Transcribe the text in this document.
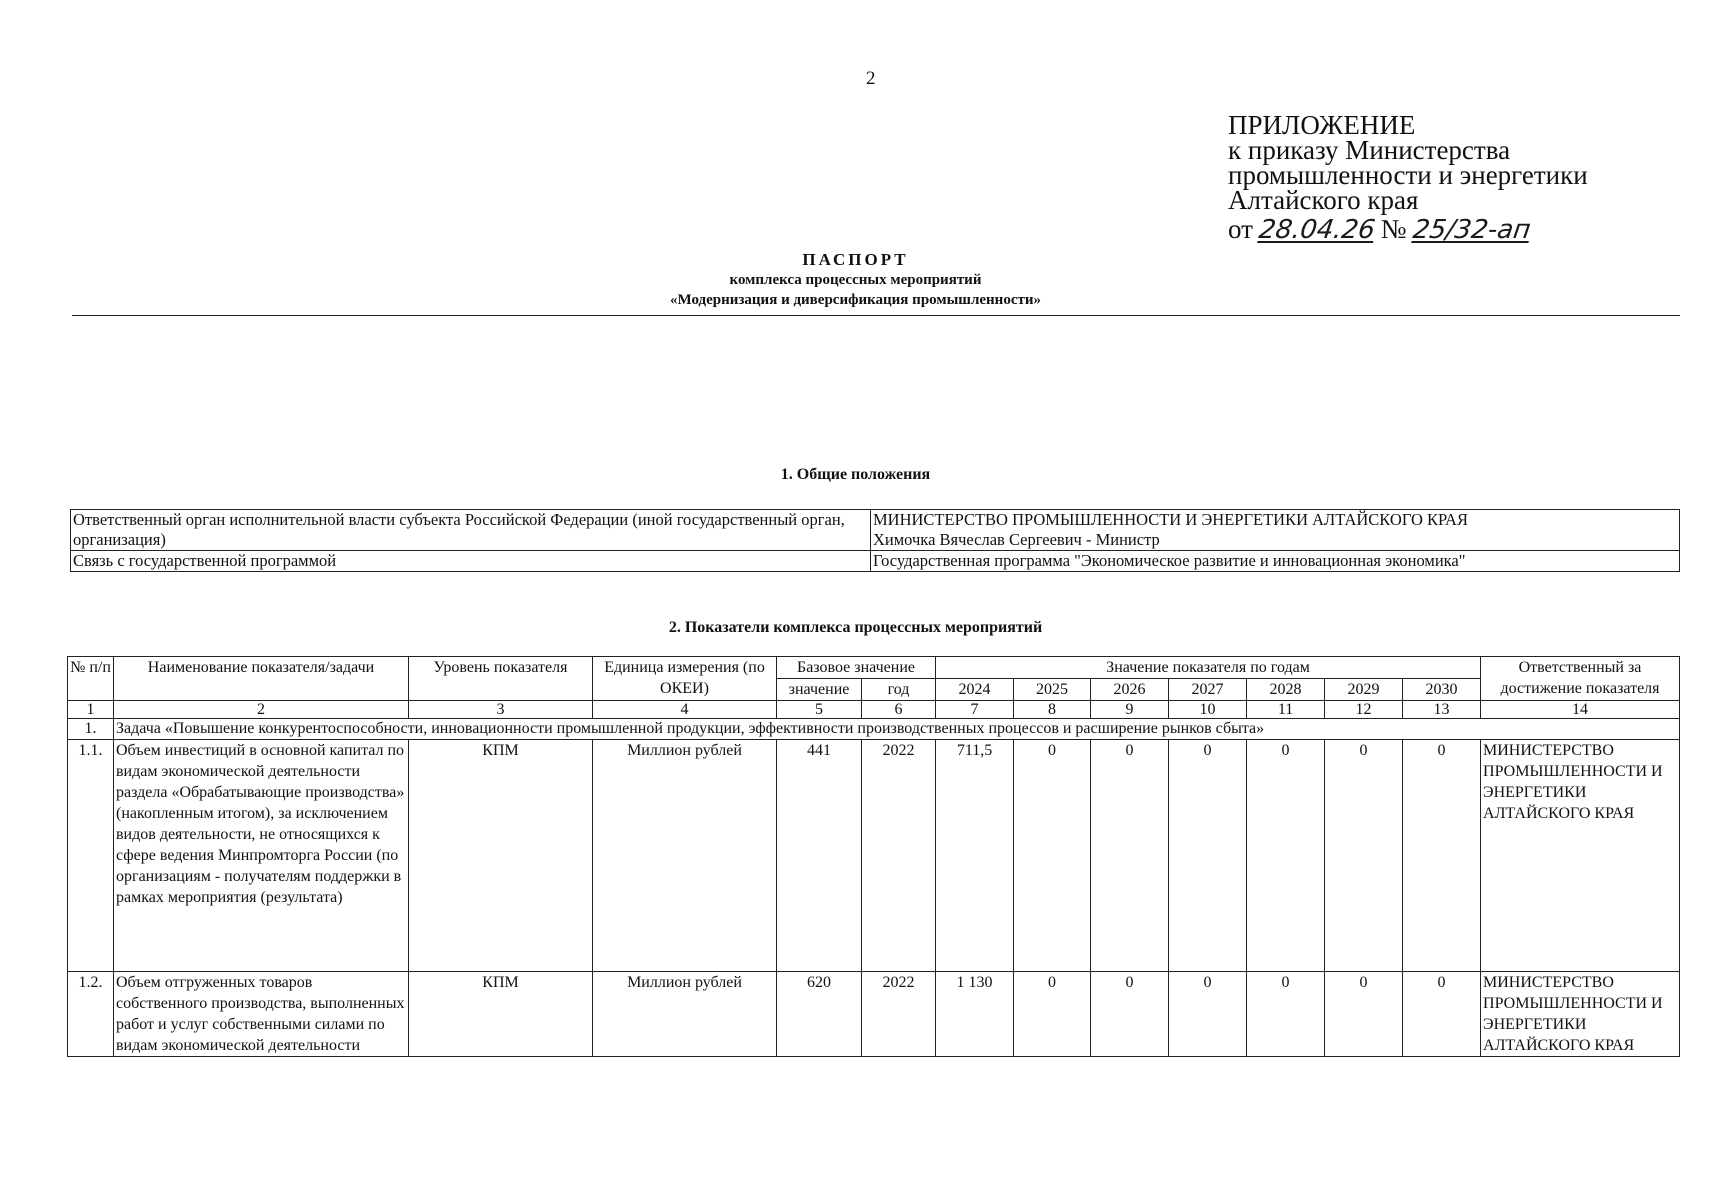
2
ПРИЛОЖЕНИЕ
к приказу Министерства
промышленности и энергетики
Алтайского края
от 28.04.26 № 25/32-ап
ПАСПОРТ
комплекса процессных мероприятий
«Модернизация и диверсификация промышленности»
1. Общие положения
Ответственный орган исполнительной власти субъекта Российской Федерации (иной государственный орган, организация)	МИНИСТЕРСТВО ПРОМЫШЛЕННОСТИ И ЭНЕРГЕТИКИ АЛТАЙСКОГО КРАЯ
Химочка Вячеслав Сергеевич - Министр

Связь с государственной программой	Государственная программа "Экономическое развитие и инновационная экономика"
2. Показатели комплекса процессных мероприятий
№ п/п	Наименование показателя/задачи	Уровень показателя	Единица измерения (по ОКЕИ)	Базовое значение		Значение показателя по годам							Ответственный за достижение показателя
				значение	год	2024	2025	2026	2027	2028	2029	2030	
1	2	3	4	5	6	7	8	9	10	11	12	13	14
1.	Задача «Повышение конкурентоспособности, инновационности промышленной продукции, эффективности производственных процессов и расширение рынков сбыта»												
1.1.	Объем инвестиций в основной капитал по видам экономической деятельности раздела «Обрабатывающие производства» (накопленным итогом), за исключением видов деятельности, не относящихся к сфере ведения Минпромторга России (по организациям - получателям поддержки в рамках мероприятия (результата)	КПМ	Миллион рублей	441	2022	711,5	0	0	0	0	0	0	МИНИСТЕРСТВО ПРОМЫШЛЕННОСТИ И ЭНЕРГЕТИКИ АЛТАЙСКОГО КРАЯ
1.2.	Объем отгруженных товаров собственного производства, выполненных работ и услуг собственными силами по видам экономической деятельности	КПМ	Миллион рублей	620	2022	1 130	0	0	0	0	0	0	МИНИСТЕРСТВО ПРОМЫШЛЕННОСТИ И ЭНЕРГЕТИКИ АЛТАЙСКОГО КРАЯ
